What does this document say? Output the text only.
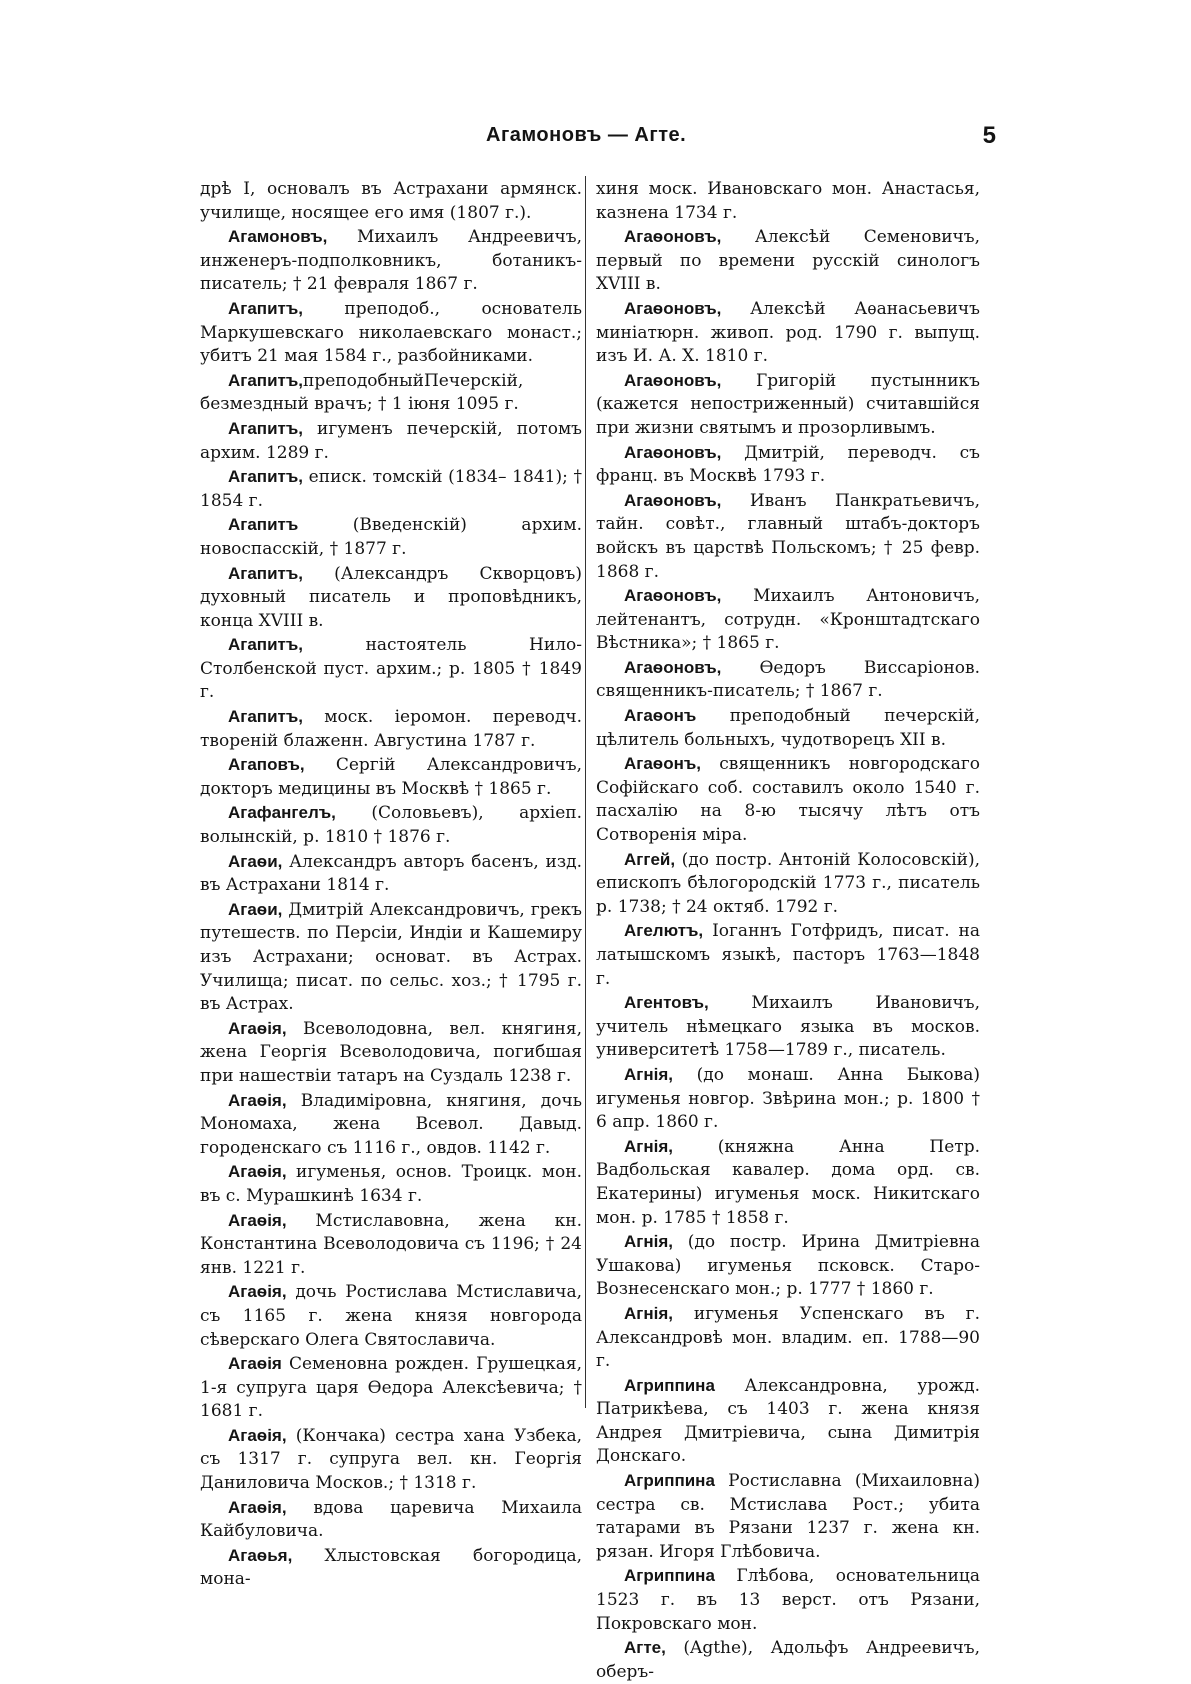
Агамоновъ — Агте.	5

дрѣ I, основалъ въ Астрахани армянск. училище, носящее его имя (1807 г.).

Агамоновъ, Михаилъ Андреевичъ, инженеръ-подполковникъ, ботаникъ-писатель; † 21 февраля 1867 г.

Агапитъ, преподоб., основатель Маркушевскаго николаевскаго монаст.; убитъ 21 мая 1584 г., разбойниками.

Агапитъ,преподобныйПечерскій, безмездный врачъ; † 1 іюня 1095 г.

Агапитъ, игуменъ печерскій, потомъ архим. 1289 г.

Агапитъ, еписк. томскій (1834– 1841); † 1854 г.

Агапитъ (Введенскій) архим. новоспасскій, † 1877 г.

Агапитъ, (Александръ Скворцовъ) духовный писатель и проповѣдникъ, конца XVIII в.

Агапитъ, настоятель Нило-Столбенской пуст. архим.; р. 1805 † 1849 г.

Агапитъ, моск. іеромон. переводч. твореній блаженн. Августина 1787 г.

Агаповъ, Сергій Александровичъ, докторъ медицины въ Москвѣ † 1865 г.

Агафангелъ, (Соловьевъ), архіеп. волынскій, р. 1810 † 1876 г.

Агаѳи, Александръ авторъ басенъ, изд. въ Астрахани 1814 г.

Агаѳи, Дмитрій Александровичъ, грекъ путешеств. по Персіи, Индіи и Кашемиру изъ Астрахани; основат. въ Астрах. Училища; писат. по сельс. хоз.; † 1795 г. въ Астрах.

Агаѳія, Всеволодовна, вел. княгиня, жена Георгія Всеволодовича, погибшая при нашествіи татаръ на Суздаль 1238 г.

Агаѳія, Владиміровна, княгиня, дочь Мономаха, жена Всевол. Давыд. городенскаго съ 1116 г., овдов. 1142 г.

Агаѳія, игуменья, основ. Троицк. мон. въ с. Мурашкинѣ 1634 г.

Агаѳія, Мстиславовна, жена кн. Константина Всеволодовича съ 1196; † 24 янв. 1221 г.

Агаѳія, дочь Ростислава Мстиславича, съ 1165 г. жена князя новгорода сѣверскаго Олега Святославича.

Агаѳія Семеновна рожден. Грушецкая, 1-я супруга царя Ѳедора Алексѣевича; † 1681 г.

Агаѳія, (Кончака) сестра хана Узбека, съ 1317 г. супруга вел. кн. Георгія Даниловича Москов.; † 1318 г.

Агаѳія, вдова царевича Михаила Кайбуловича.

Агаѳья, Хлыстовская богородица, мона-

хиня моск. Ивановскаго мон. Анастасья, казнена 1734 г.

Агаѳоновъ, Алексѣй Семеновичъ, первый по времени русскій синологъ XVIII в.

Агаѳоновъ, Алексѣй Аѳанасьевичъ миніатюрн. живоп. род. 1790 г. выпущ. изъ И. А. Х. 1810 г.

Агаѳоновъ, Григорій пустынникъ (кажется непостриженный) считавшійся при жизни святымъ и прозорливымъ.

Агаѳоновъ, Дмитрій, переводч. съ франц. въ Москвѣ 1793 г.

Агаѳоновъ, Иванъ Панкратьевичъ, тайн. совѣт., главный штабъ-докторъ войскъ въ царствѣ Польскомъ; † 25 февр. 1868 г.

Агаѳоновъ, Михаилъ Антоновичъ, лейтенантъ, сотрудн. «Кронштадтскаго Вѣстника»; † 1865 г.

Агаѳоновъ, Ѳедоръ Виссаріонов. священникъ-писатель; † 1867 г.

Агаѳонъ преподобный печерскій, цѣлитель больныхъ, чудотворецъ XII в.

Агаѳонъ, священникъ новгородскаго Софійскаго соб. составилъ около 1540 г. пасхалію на 8-ю тысячу лѣтъ отъ Сотворенія міра.

Аггей, (до постр. Антоній Колосовскій), епископъ бѣлогородскій 1773 г., писатель р. 1738; † 24 октяб. 1792 г.

Агелютъ, Іоганнъ Готфридъ, писат. на латышскомъ языкѣ, пасторъ 1763—1848 г.

Агентовъ, Михаилъ Ивановичъ, учитель нѣмецкаго языка въ москов. университетѣ 1758—1789 г., писатель.

Агнія, (до монаш. Анна Быкова) игуменья новгор. Звѣрина мон.; р. 1800 † 6 апр. 1860 г.

Агнія, (княжна Анна Петр. Вадбольская кавалер. дома орд. св. Екатерины) игуменья моск. Никитскаго мон. р. 1785 † 1858 г.

Агнія, (до постр. Ирина Дмитріевна Ушакова) игуменья псковск. Старо-Вознесенскаго мон.; р. 1777 † 1860 г.

Агнія, игуменья Успенскаго въ г. Александровѣ мон. владим. еп. 1788—90 г.

Агриппина Александровна, урожд. Патрикѣева, съ 1403 г. жена князя Андрея Дмитріевича, сына Димитрія Донскаго.

Агриппина Ростиславна (Михаиловна) сестра св. Мстислава Рост.; убита татарами въ Рязани 1237 г. жена кн. рязан. Игоря Глѣбовича.

Агриппина Глѣбова, основательница 1523 г. въ 13 верст. отъ Рязани, Покровскаго мон.

Агте, (Agthe), Адольфъ Андреевичъ, оберъ-
